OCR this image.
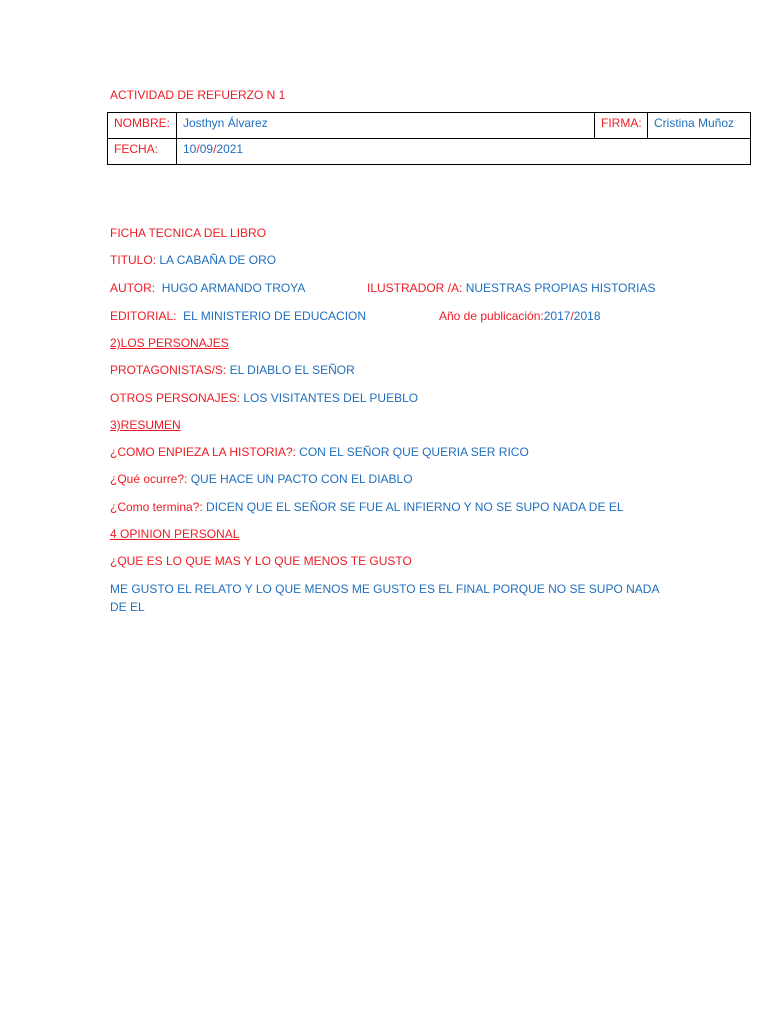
ACTIVIDAD DE REFUERZO N 1
NOMBRE:	Josthyn Álvarez	FIRMA:	Cristina Muñoz
FECHA:	10/09/2021		
FICHA TECNICA DEL LIBRO
TITULO: LA CABAÑA DE ORO
AUTOR: HUGO ARMANDO TROYA	ILUSTRADOR /A: NUESTRAS PROPIAS HISTORIAS
EDITORIAL: EL MINISTERIO DE EDUCACION	Año de publicación:2017/2018
2)LOS PERSONAJES
PROTAGONISTAS/S: EL DIABLO EL SEÑOR
OTROS PERSONAJES: LOS VISITANTES DEL PUEBLO
3)RESUMEN
¿COMO ENPIEZA LA HISTORIA?: CON EL SEÑOR QUE QUERIA SER RICO
¿Qué ocurre?: QUE HACE UN PACTO CON EL DIABLO
¿Como termina?: DICEN QUE EL SEÑOR SE FUE AL INFIERNO Y NO SE SUPO NADA DE EL
4 OPINION PERSONAL
¿QUE ES LO QUE MAS Y LO QUE MENOS TE GUSTO
ME GUSTO EL RELATO Y LO QUE MENOS ME GUSTO ES EL FINAL PORQUE NO SE SUPO NADA
DE EL
